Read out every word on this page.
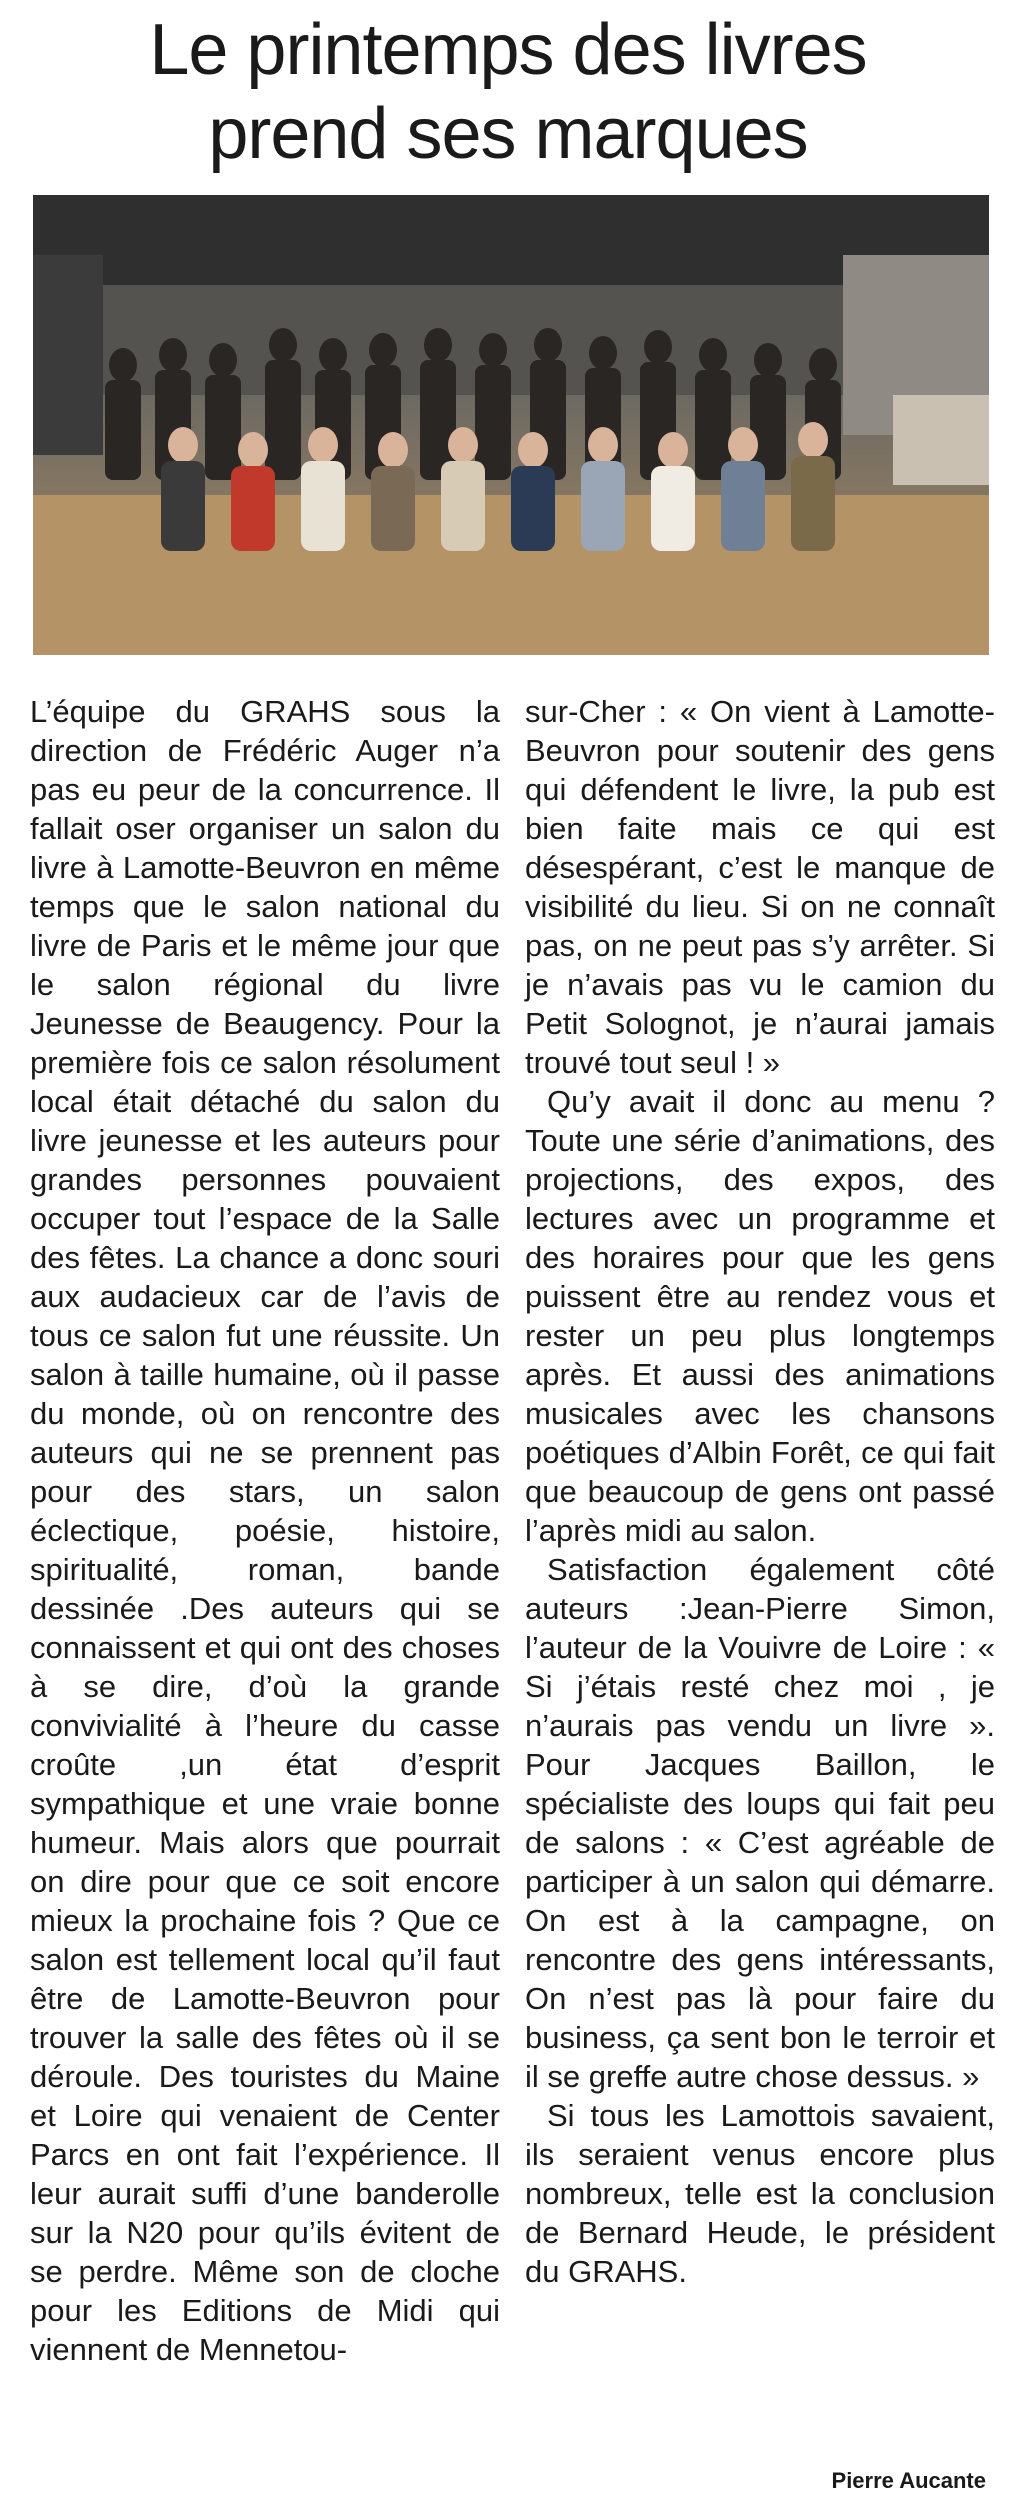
Le printemps des livres
prend ses marques

L’équipe du GRAHS sous la direction de Frédéric Auger n’a pas eu peur de la concurrence. Il fallait oser organiser un salon du livre à Lamotte-Beuvron en même temps que le salon national du livre de Paris et le même jour que le salon régional du livre Jeunesse de Beaugency. Pour la première fois ce salon résolument local était détaché du salon du livre jeunesse et les auteurs pour grandes personnes pouvaient occuper tout l’espace de la Salle des fêtes. La chance a donc souri aux audacieux car de l’avis de tous ce salon fut une réussite. Un salon à taille humaine, où il passe du monde, où on rencontre des auteurs qui ne se prennent pas pour des stars, un salon éclectique, poésie, histoire, spiritualité, roman, bande dessinée .Des auteurs qui se connaissent et qui ont des choses à se dire, d’où la grande convivialité à l’heure du casse croûte ,un état d’esprit sympathique et une vraie bonne humeur. Mais alors que pourrait on dire pour que ce soit encore mieux la prochaine fois ? Que ce salon est tellement local qu’il faut être de Lamotte-Beuvron pour trouver la salle des fêtes où il se déroule. Des touristes du Maine et Loire qui venaient de Center Parcs en ont fait l’expérience. Il leur aurait suffi d’une banderolle sur la N20 pour qu’ils évitent de se perdre. Même son de cloche pour les Editions de Midi qui viennent de Mennetou-

sur-Cher : « On vient à Lamotte-Beuvron pour soutenir des gens qui défendent le livre, la pub est bien faite mais ce qui est désespérant, c’est le manque de visibilité du lieu. Si on ne connaît pas, on ne peut pas s’y arrêter. Si je n’avais pas vu le camion du Petit Solognot, je n’aurai jamais trouvé tout seul ! »

Qu’y avait il donc au menu ? Toute une série d’animations, des projections, des expos, des lectures avec un programme et des horaires pour que les gens puissent être au rendez vous et rester un peu plus longtemps après. Et aussi des animations musicales avec les chansons poétiques d’Albin Forêt, ce qui fait que beaucoup de gens ont passé l’après midi au salon.

Satisfaction également côté auteurs :Jean-Pierre Simon, l’auteur de la Vouivre de Loire : « Si j’étais resté chez moi , je n’aurais pas vendu un livre ». Pour Jacques Baillon, le spécialiste des loups qui fait peu de salons : « C’est agréable de participer à un salon qui démarre. On est à la campagne, on rencontre des gens intéressants, On n’est pas là pour faire du business, ça sent bon le terroir et il se greffe autre chose dessus. »

Si tous les Lamottois savaient, ils seraient venus encore plus nombreux, telle est la conclusion de Bernard Heude, le président du GRAHS.

Pierre Aucante
